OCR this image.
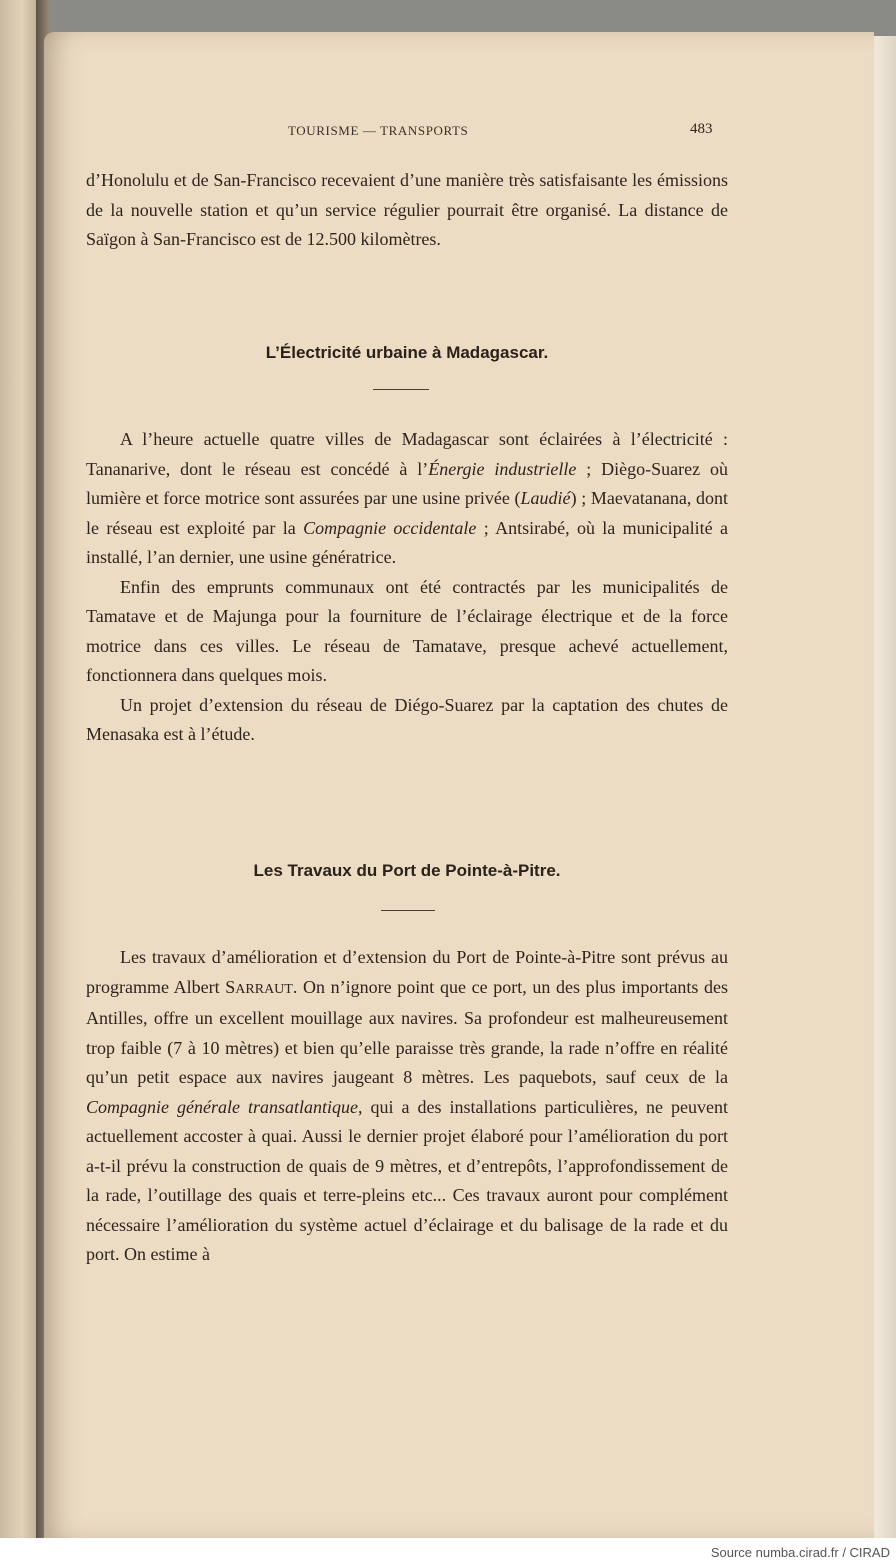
TOURISME — TRANSPORTS	483

d’Honolulu et de San-Francisco recevaient d’une manière très satisfaisante les émissions de la nouvelle station et qu’un service régulier pourrait être organisé. La distance de Saïgon à San-Francisco est de 12.500 kilomètres.

L’Électricité urbaine à Madagascar.

A l’heure actuelle quatre villes de Madagascar sont éclairées à l’électricité : Tananarive, dont le réseau est concédé à l’Énergie industrielle ; Diègo-Suarez où lumière et force motrice sont assurées par une usine privée (Laudié) ; Maevatanana, dont le réseau est exploité par la Compagnie occidentale ; Antsirabé, où la municipalité a installé, l’an dernier, une usine génératrice.

Enfin des emprunts communaux ont été contractés par les municipalités de Tamatave et de Majunga pour la fourniture de l’éclairage électrique et de la force motrice dans ces villes. Le réseau de Tamatave, presque achevé actuellement, fonctionnera dans quelques mois.

Un projet d’extension du réseau de Diégo-Suarez par la captation des chutes de Menasaka est à l’étude.

Les Travaux du Port de Pointe-à-Pitre.

Les travaux d’amélioration et d’extension du Port de Pointe-à-Pitre sont prévus au programme Albert SARRAUT. On n’ignore point que ce port, un des plus importants des Antilles, offre un excellent mouillage aux navires. Sa profondeur est malheureusement trop faible (7 à 10 mètres) et bien qu’elle paraisse très grande, la rade n’offre en réalité qu’un petit espace aux navires jaugeant 8 mètres. Les paquebots, sauf ceux de la Compagnie générale transatlantique, qui a des installations particulières, ne peuvent actuellement accoster à quai. Aussi le dernier projet élaboré pour l’amélioration du port a-t-il prévu la construction de quais de 9 mètres, et d’entrepôts, l’approfondissement de la rade, l’outillage des quais et terre-pleins etc... Ces travaux auront pour complément nécessaire l’amélioration du système actuel d’éclairage et du balisage de la rade et du port. On estime à

Source numba.cirad.fr / CIRAD
